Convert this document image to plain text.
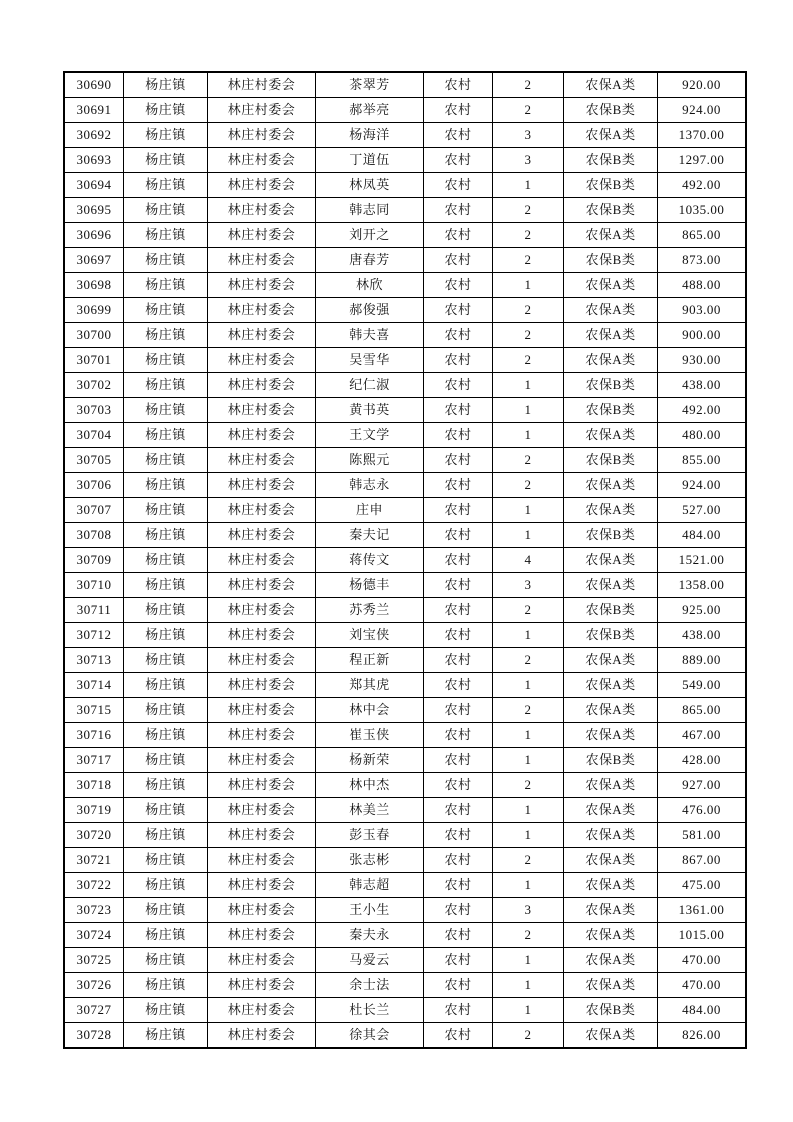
30690	杨庄镇	林庄村委会	茶翠芳	农村	2	农保A类	920.00
30691	杨庄镇	林庄村委会	郝举亮	农村	2	农保B类	924.00
30692	杨庄镇	林庄村委会	杨海洋	农村	3	农保A类	1370.00
30693	杨庄镇	林庄村委会	丁道伍	农村	3	农保B类	1297.00
30694	杨庄镇	林庄村委会	林凤英	农村	1	农保B类	492.00
30695	杨庄镇	林庄村委会	韩志同	农村	2	农保B类	1035.00
30696	杨庄镇	林庄村委会	刘开之	农村	2	农保A类	865.00
30697	杨庄镇	林庄村委会	唐春芳	农村	2	农保B类	873.00
30698	杨庄镇	林庄村委会	林欣	农村	1	农保A类	488.00
30699	杨庄镇	林庄村委会	郝俊强	农村	2	农保A类	903.00
30700	杨庄镇	林庄村委会	韩夫喜	农村	2	农保A类	900.00
30701	杨庄镇	林庄村委会	吴雪华	农村	2	农保A类	930.00
30702	杨庄镇	林庄村委会	纪仁淑	农村	1	农保B类	438.00
30703	杨庄镇	林庄村委会	黄书英	农村	1	农保B类	492.00
30704	杨庄镇	林庄村委会	王文学	农村	1	农保A类	480.00
30705	杨庄镇	林庄村委会	陈熙元	农村	2	农保B类	855.00
30706	杨庄镇	林庄村委会	韩志永	农村	2	农保A类	924.00
30707	杨庄镇	林庄村委会	庄申	农村	1	农保A类	527.00
30708	杨庄镇	林庄村委会	秦夫记	农村	1	农保B类	484.00
30709	杨庄镇	林庄村委会	蒋传文	农村	4	农保A类	1521.00
30710	杨庄镇	林庄村委会	杨德丰	农村	3	农保A类	1358.00
30711	杨庄镇	林庄村委会	苏秀兰	农村	2	农保B类	925.00
30712	杨庄镇	林庄村委会	刘宝侠	农村	1	农保B类	438.00
30713	杨庄镇	林庄村委会	程正新	农村	2	农保A类	889.00
30714	杨庄镇	林庄村委会	郑其虎	农村	1	农保A类	549.00
30715	杨庄镇	林庄村委会	林中会	农村	2	农保A类	865.00
30716	杨庄镇	林庄村委会	崔玉侠	农村	1	农保A类	467.00
30717	杨庄镇	林庄村委会	杨新荣	农村	1	农保B类	428.00
30718	杨庄镇	林庄村委会	林中杰	农村	2	农保A类	927.00
30719	杨庄镇	林庄村委会	林美兰	农村	1	农保A类	476.00
30720	杨庄镇	林庄村委会	彭玉春	农村	1	农保A类	581.00
30721	杨庄镇	林庄村委会	张志彬	农村	2	农保A类	867.00
30722	杨庄镇	林庄村委会	韩志超	农村	1	农保A类	475.00
30723	杨庄镇	林庄村委会	王小生	农村	3	农保A类	1361.00
30724	杨庄镇	林庄村委会	秦夫永	农村	2	农保A类	1015.00
30725	杨庄镇	林庄村委会	马爱云	农村	1	农保A类	470.00
30726	杨庄镇	林庄村委会	余士法	农村	1	农保A类	470.00
30727	杨庄镇	林庄村委会	杜长兰	农村	1	农保B类	484.00
30728	杨庄镇	林庄村委会	徐其会	农村	2	农保A类	826.00
